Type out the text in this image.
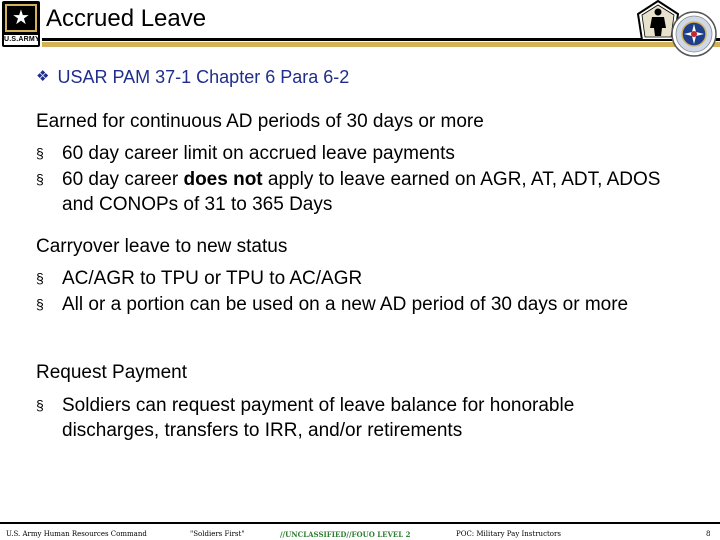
★
U.S.ARMY
Accrued Leave
❖ USAR PAM 37-1 Chapter 6 Para 6-2
Earned for continuous AD periods of 30 days or more
§ 60 day career limit on accrued leave payments
§ 60 day career does not apply to leave earned on AGR, AT, ADT, ADOS and CONOPs of 31 to 365 Days
Carryover leave to new status
§ AC/AGR to TPU or TPU to AC/AGR
§ All or a portion can be used on a new AD period of 30 days or more
Request Payment
§ Soldiers can request payment of leave balance for honorable discharges, transfers to IRR, and/or retirements
U.S. Army Human Resources Command	"Soldiers First"	//UNCLASSIFIED//FOUO LEVEL 2	POC: Military Pay Instructors	8
